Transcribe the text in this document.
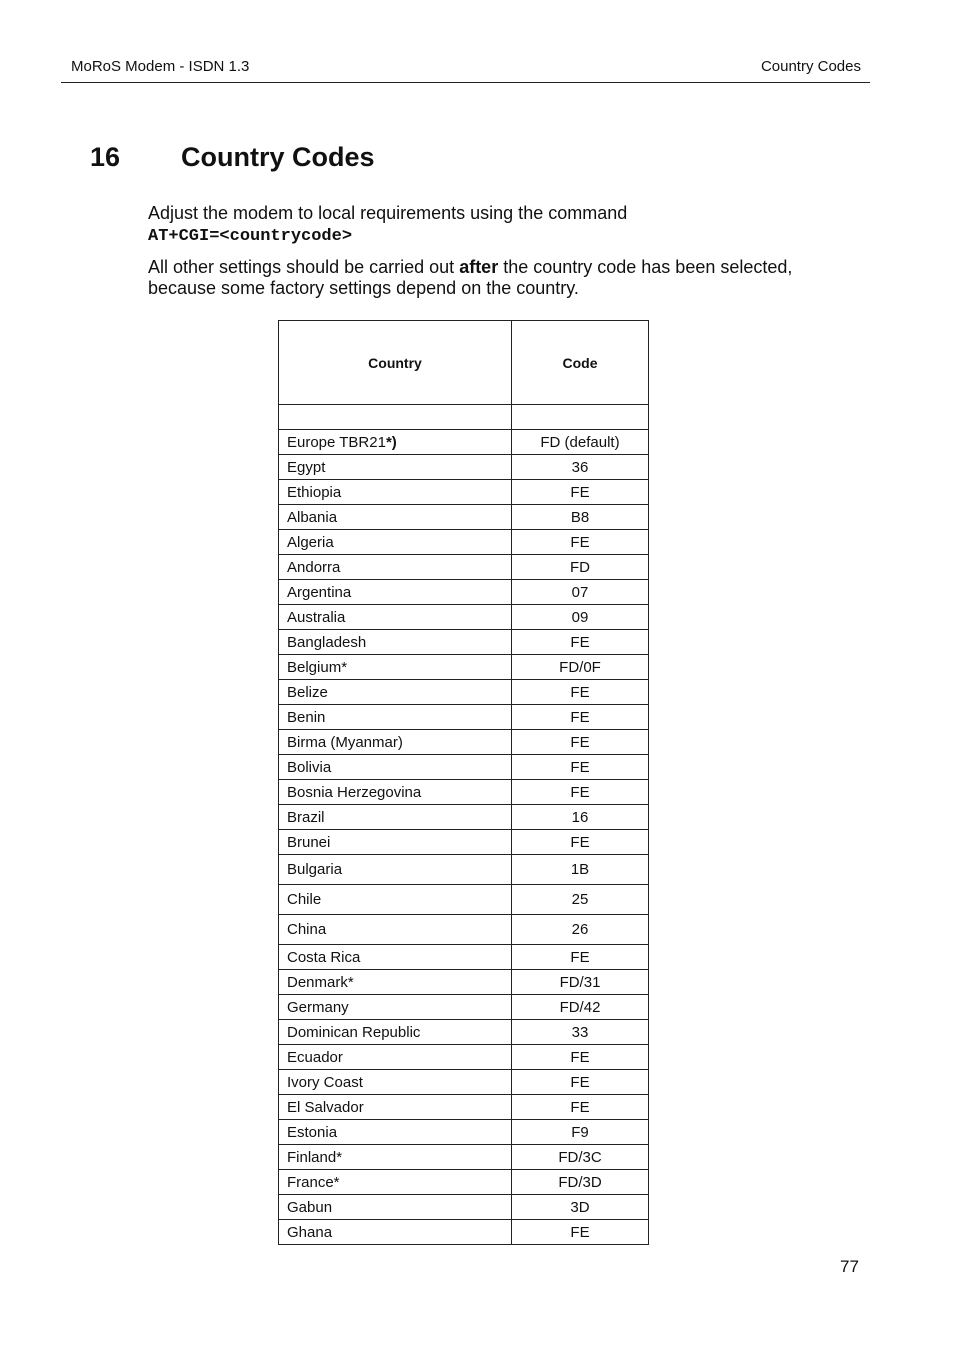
MoRoS Modem - ISDN 1.3	Country Codes
16 Country Codes
Adjust the modem to local requirements using the command
AT+CGI=<countrycode>
All other settings should be carried out after the country code has been selected, because some factory settings depend on the country.
Country	Code

Europe TBR21*)	FD (default)
Egypt	36
Ethiopia	FE
Albania	B8
Algeria	FE
Andorra	FD
Argentina	07
Australia	09
Bangladesh	FE
Belgium*	FD/0F
Belize	FE
Benin	FE
Birma (Myanmar)	FE
Bolivia	FE
Bosnia Herzegovina	FE
Brazil	16
Brunei	FE
Bulgaria	1B
Chile	25
China	26
Costa Rica	FE
Denmark*	FD/31
Germany	FD/42
Dominican Republic	33
Ecuador	FE
Ivory Coast	FE
El Salvador	FE
Estonia	F9
Finland*	FD/3C
France*	FD/3D
Gabun	3D
Ghana	FE
77
